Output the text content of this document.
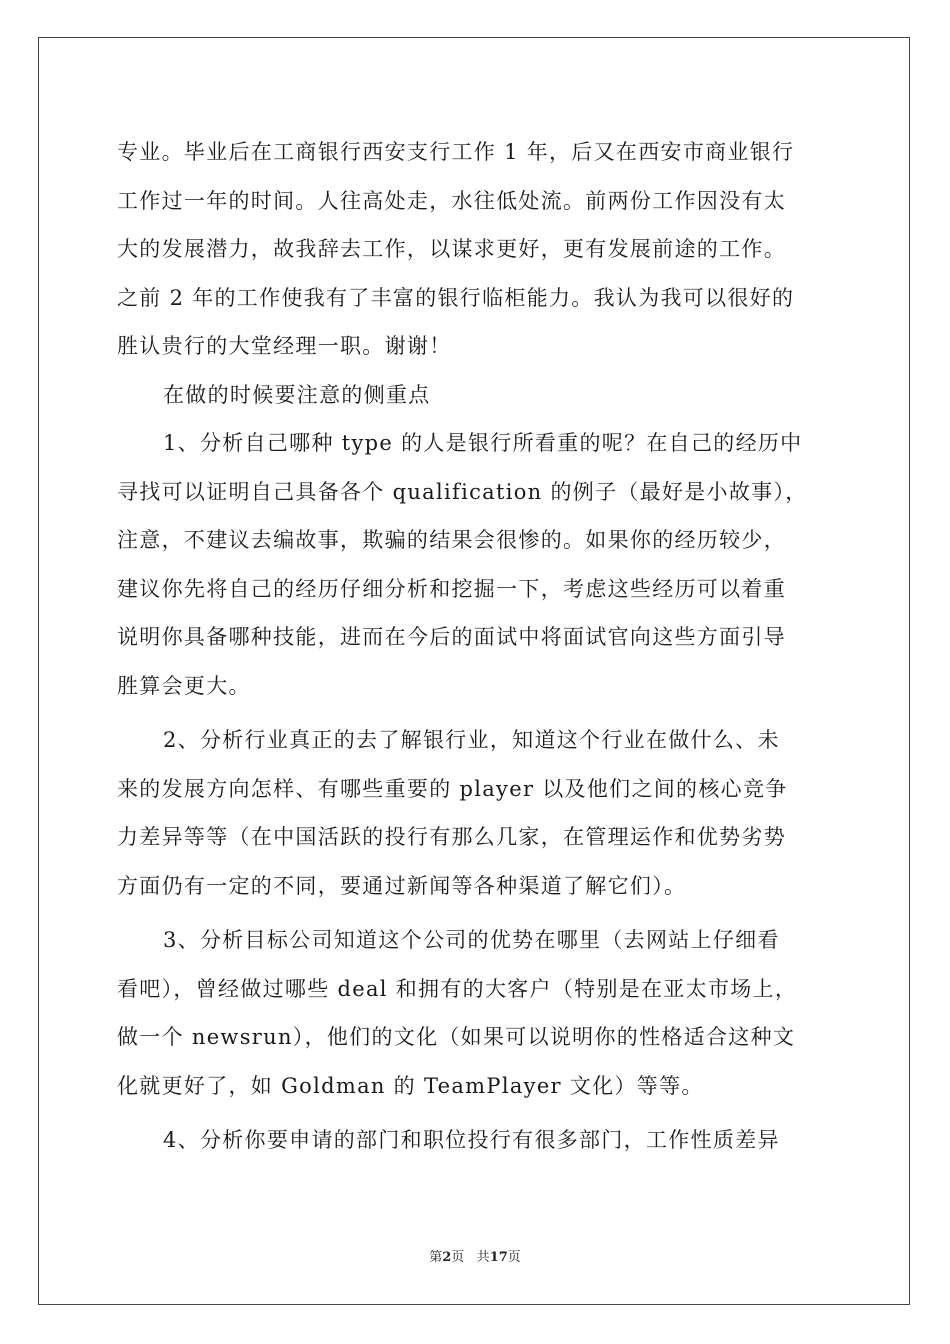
专业。毕业后在工商银行西安支行工作 1 年，后又在西安市商业银行
工作过一年的时间。人往高处走，水往低处流。前两份工作因没有太
大的发展潜力，故我辞去工作，以谋求更好，更有发展前途的工作。
之前 2 年的工作使我有了丰富的银行临柜能力。我认为我可以很好的
胜认贵行的大堂经理一职。谢谢！
在做的时候要注意的侧重点
1、分析自己哪种 type 的人是银行所看重的呢？在自己的经历中
寻找可以证明自己具备各个 qualification 的例子（最好是小故事），
注意，不建议去编故事，欺骗的结果会很惨的。如果你的经历较少，
建议你先将自己的经历仔细分析和挖掘一下，考虑这些经历可以着重
说明你具备哪种技能，进而在今后的面试中将面试官向这些方面引导
胜算会更大。
2、分析行业真正的去了解银行业，知道这个行业在做什么、未
来的发展方向怎样、有哪些重要的 player 以及他们之间的核心竞争
力差异等等（在中国活跃的投行有那么几家，在管理运作和优势劣势
方面仍有一定的不同，要通过新闻等各种渠道了解它们）。
3、分析目标公司知道这个公司的优势在哪里（去网站上仔细看
看吧），曾经做过哪些 deal 和拥有的大客户（特别是在亚太市场上，
做一个 newsrun），他们的文化（如果可以说明你的性格适合这种文
化就更好了，如 Goldman 的 TeamPlayer 文化）等等。
4、分析你要申请的部门和职位投行有很多部门，工作性质差异
第2页 共17页
